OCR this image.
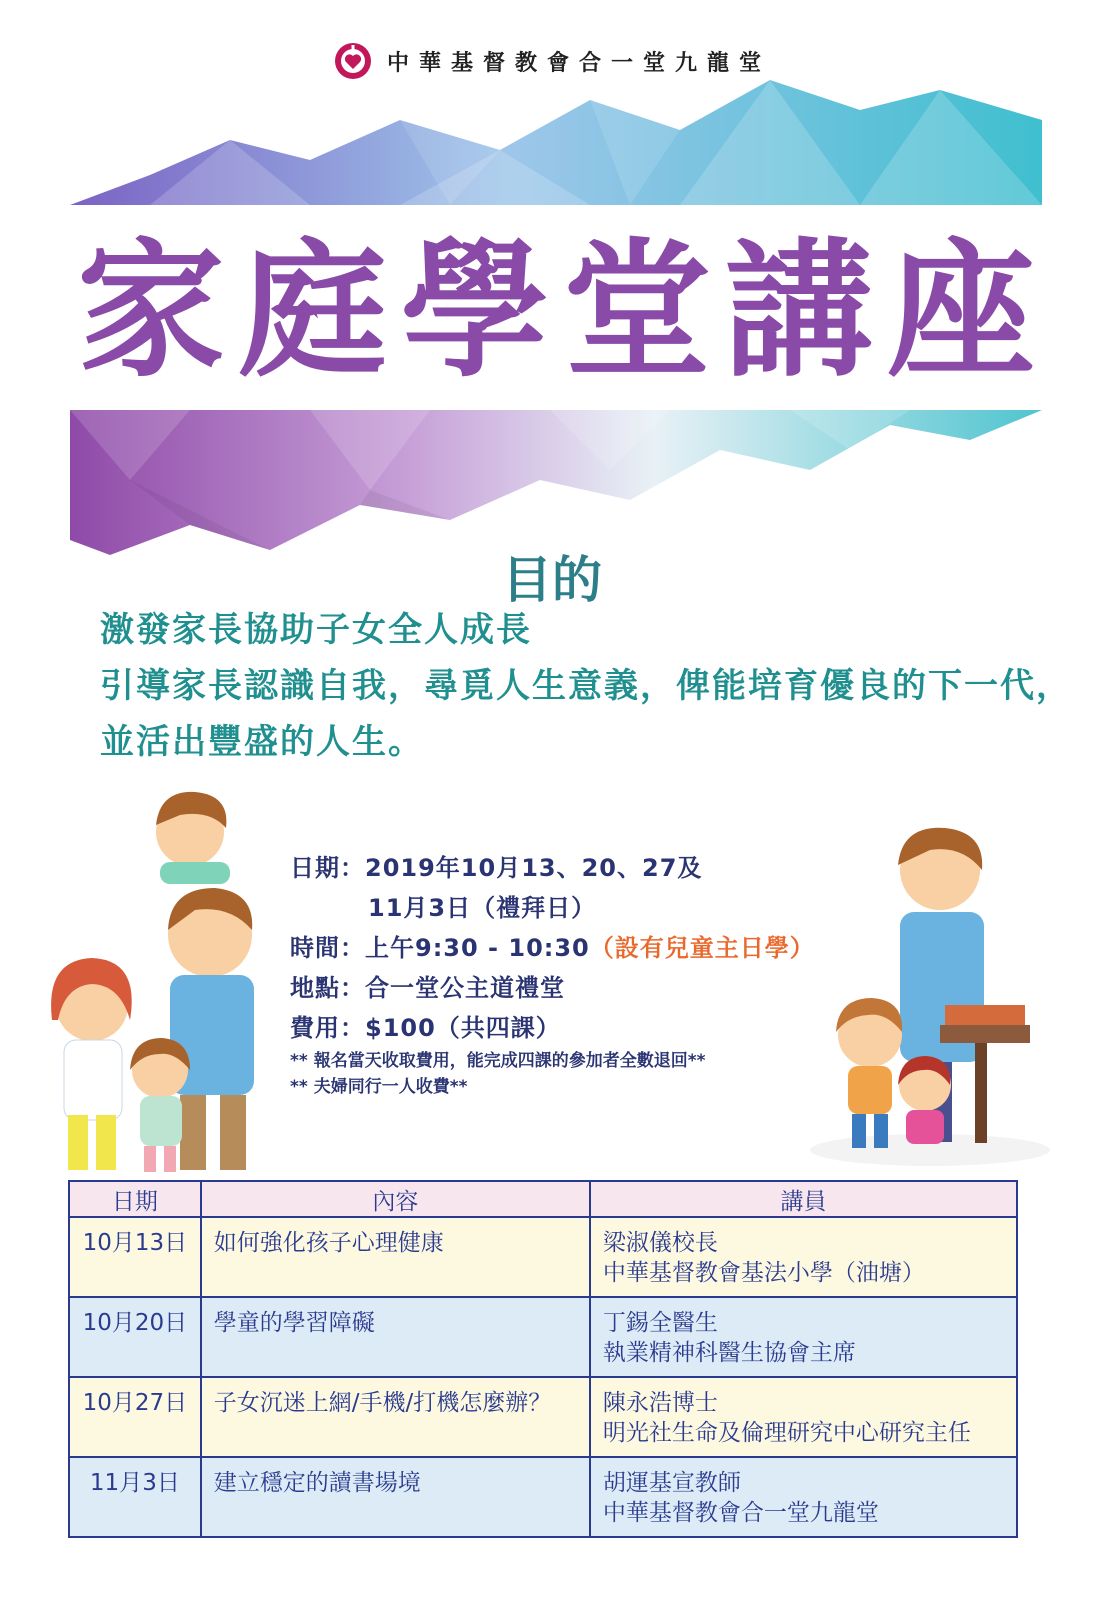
中華基督教會合一堂九龍堂
家 庭 學 堂 講 座
目的
激發家長協助子女全人成長
引導家長認識自我，尋覓人生意義，俾能培育優良的下一代，
並活出豐盛的人生。
日期：2019年10月13、20、27及
11月3日（禮拜日）
時間：上午9:30 - 10:30（設有兒童主日學）
地點：合一堂公主道禮堂
費用：$100（共四課）
** 報名當天收取費用，能完成四課的參加者全數退回**
** 夫婦同行一人收費**
日期	內容	講員
10月13日	如何強化孩子心理健康	梁淑儀校長
中華基督教會基法小學（油塘）

10月20日	學童的學習障礙	丁錫全醫生
執業精神科醫生協會主席

10月27日	子女沉迷上網/手機/打機怎麼辦？	陳永浩博士
明光社生命及倫理研究中心研究主任

11月3日	建立穩定的讀書場境	胡運基宣教師
中華基督教會合一堂九龍堂
